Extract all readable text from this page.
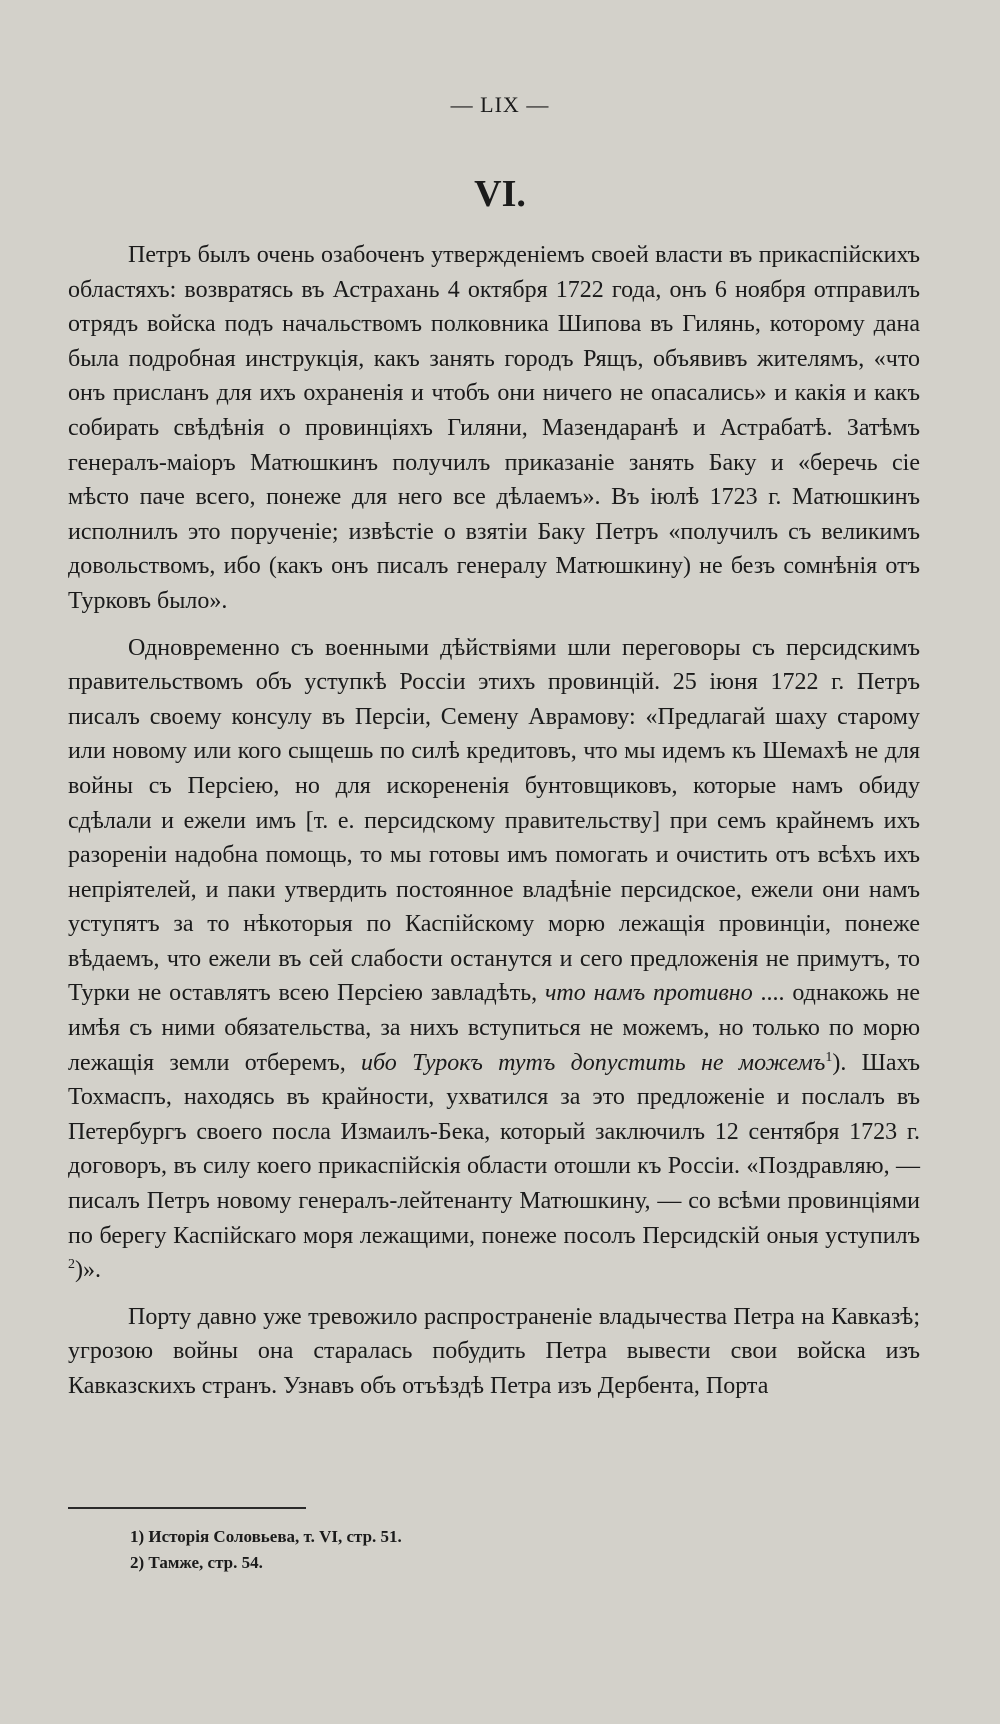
— LIX —
VI.

Петръ былъ очень озабоченъ утвержденіемъ своей власти въ прикаспійскихъ областяхъ: возвратясь въ Астрахань 4 октября 1722 года, онъ 6 ноября отправилъ отрядъ войска подъ начальствомъ полковника Шипова въ Гилянь, которому дана была подробная инструкція, какъ занять городъ Рящъ, объявивъ жителямъ, «что онъ присланъ для ихъ охраненія и чтобъ они ничего не опасались» и какія и какъ собирать свѣдѣнія о провинціяхъ Гиляни, Мазендаранѣ и Астрабатѣ. Затѣмъ генералъ-маіоръ Матюшкинъ получилъ приказаніе занять Баку и «беречь сіе мѣсто паче всего, понеже для него все дѣлаемъ». Въ іюлѣ 1723 г. Матюшкинъ исполнилъ это порученіе; извѣстіе о взятіи Баку Петръ «получилъ съ великимъ довольствомъ, ибо (какъ онъ писалъ генералу Матюшкину) не безъ сомнѣнія отъ Турковъ было».

Одновременно съ военными дѣйствіями шли переговоры съ персидскимъ правительствомъ объ уступкѣ Россіи этихъ провинцій. 25 іюня 1722 г. Петръ писалъ своему консулу въ Персіи, Семену Аврамову: «Предлагай шаху старому или новому или кого сыщешь по силѣ кредитовъ, что мы идемъ къ Шемахѣ не для войны съ Персіею, но для искорененія бунтовщиковъ, которые намъ обиду сдѣлали и ежели имъ [т. е. персидскому правительству] при семъ крайнемъ ихъ разореніи надобна помощь, то мы готовы имъ помогать и очистить отъ всѣхъ ихъ непріятелей, и паки утвердить постоянное владѣніе персидское, ежели они намъ уступятъ за то нѣкоторыя по Каспійскому морю лежащія провинціи, понеже вѣдаемъ, что ежели въ сей слабости останутся и сего предложенія не примутъ, то Турки не оставлятъ всею Персіею завладѣть, что намъ противно .... однакожь не имѣя съ ними обязательства, за нихъ вступиться не можемъ, но только по морю лежащія земли отберемъ, ибо Турокъ тутъ допустить не можемъ$^1$). Шахъ Тохмаспъ, находясь въ крайности, ухватился за это предложеніе и послалъ въ Петербургъ своего посла Измаилъ-Бека, который заключилъ 12 сентября 1723 г. договоръ, въ силу коего прикаспійскія области отошли къ Россіи. «Поздравляю, — писалъ Петръ новому генералъ-лейтенанту Матюшкину, — со всѣми провинціями по берегу Каспійскаго моря лежащими, понеже посолъ Персидскій оныя уступилъ $^2$)».

Порту давно уже тревожило распространеніе владычества Петра на Кавказѣ; угрозою войны она старалась побудить Петра вывести свои войска изъ Кавказскихъ странъ. Узнавъ объ отъѣздѣ Петра изъ Дербента, Порта

1) Исторія Соловьева, т. VI, стр. 51.
2) Тамже, стр. 54.
